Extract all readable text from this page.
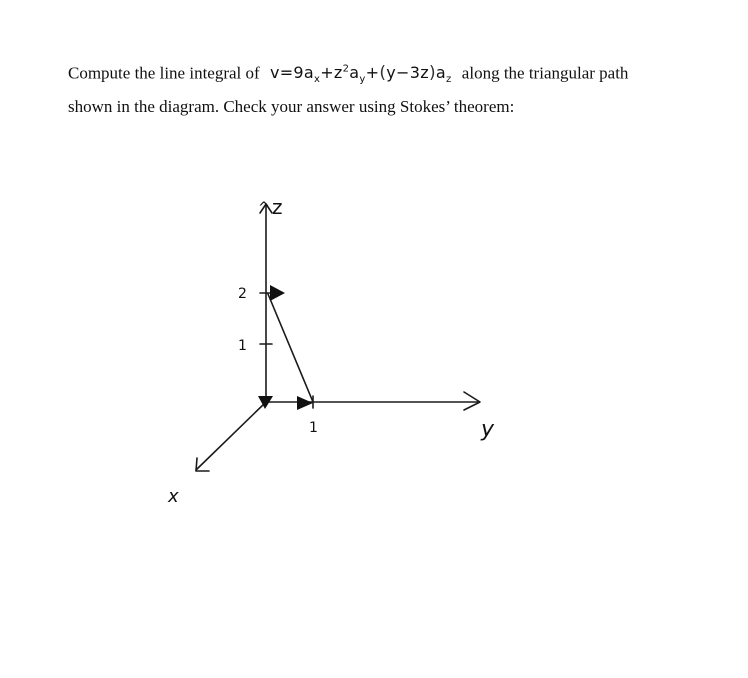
Compute the line integral of $v=9a_x+z^2a_y+(y-3z)a_z$ along the triangular path
shown in the diagram. Check your answer using Stokes’ theorem:
^ z
y
x
2
1
1
